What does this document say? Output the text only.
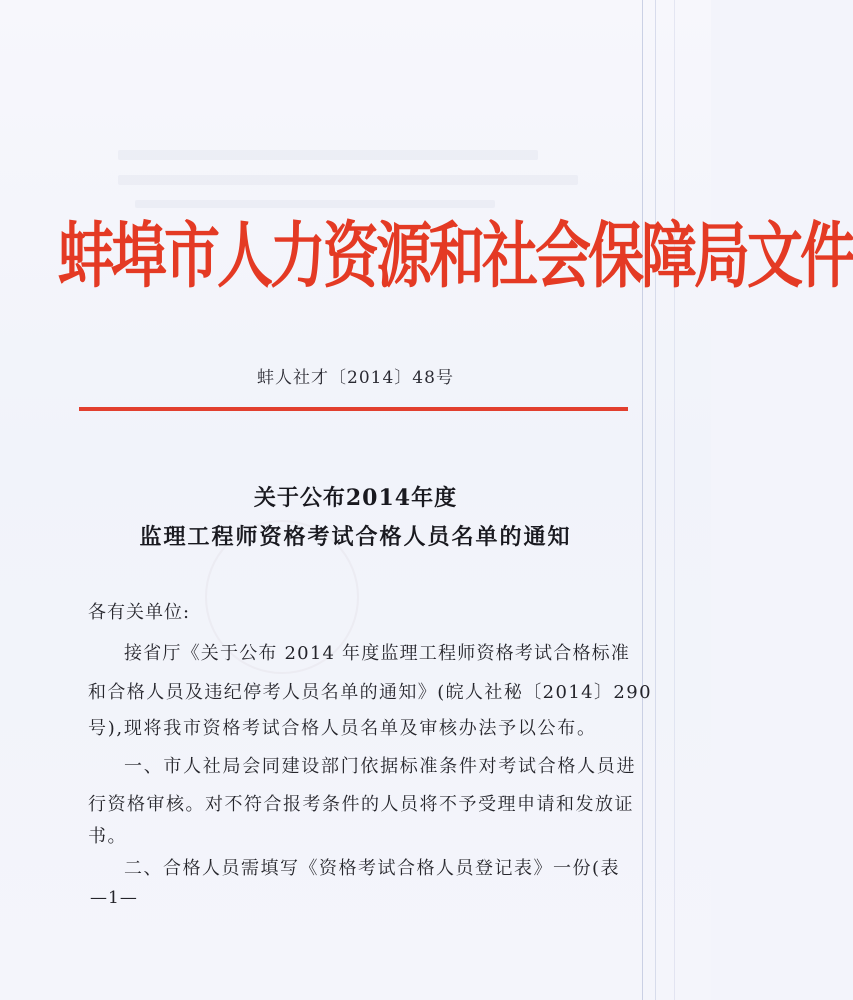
蚌埠市人力资源和社会保障局文件
蚌人社才〔2014〕48号
关于公布2014年度
监理工程师资格考试合格人员名单的通知
各有关单位:
接省厅《关于公布 2014 年度监理工程师资格考试合格标准
和合格人员及违纪停考人员名单的通知》(皖人社秘〔2014〕290
号),现将我市资格考试合格人员名单及审核办法予以公布。
一、市人社局会同建设部门依据标准条件对考试合格人员进
行资格审核。对不符合报考条件的人员将不予受理申请和发放证
书。
二、合格人员需填写《资格考试合格人员登记表》一份(表
—1—
